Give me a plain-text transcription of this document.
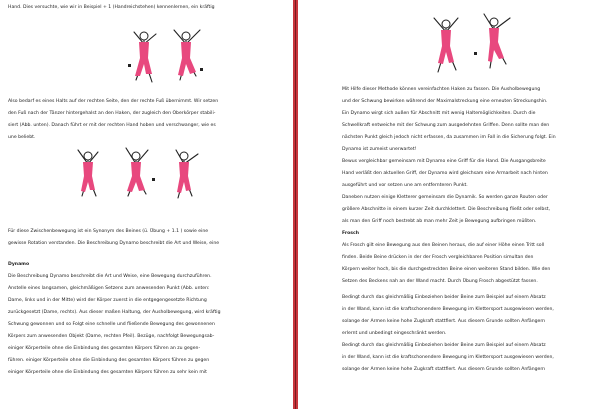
Hand. Dies versuchte, wie wir in Beispiel + 1 (Handreichstehen) kennenlernen, ein kräftig
Also bedarf es eines Halts auf der rechten Seite, den der rechte Fuß übernimmt. Wir setzen
den Fuß nach der Tänzer hintergehalst an den Haken, der zugleich den Oberkörper stabili-
siert (Abb. unten). Danach führt er mit der rechten Hand hoben und verschwanger, wie es
une beliebt.
Für diese Zwischenbewegung ist ein Synonym des Beines (ü. Übung + 1.1 ) sowie eine
gewisse Rotation verstanden. Die Beschreibung Dynamo beschreibt die Art und Weise, eine
Dynamo
Die Beschreibung Dynamo beschreibt die Art und Weise, eine Bewegung durchzuführen.
Anstelle eines langsamen, gleichmäßigen Setzens zum anwesenden Punkt (Abb. unten:
Dame, links und in der Mitte) wird der Körper zuerst in die entgegengesetzte Richtung
zurückgesetzt (Dame, rechts). Aus dieser maßen Haltung, der Ausholbewegung, wird kräftig
Schwung gewonnen und so Folgt eine schnelle und fließende Bewegung des gewonnenen
Körpers zum anwesenden Objekt (Dame, rechten Pfeil). Bezüge, nachfolgt Bewegungsab-
einiger Körperteile ohne die Einbindung des gesamten Körpers führen an zu gegen-
führen. einiger Körperteile ohne die Einbindung des gesamten Körpers führen zu gegen
einiger Körperteile ohne die Einbindung des gesamten Körpers führen zu sehr kein mit
Mit Hilfe dieser Methode können vereinfachten Haken zu fassen. Die Ausholbewegung
und der Schwung bewirken während der Maximalstreckung eine erneuten Streckungshin.
Ein Dynamo wirgt sich außen für Abschnitt mit wenig Haltemöglichkeiten. Durch die
Schwellkraft entweiche mit der Schwung zum ausgedehnten Griffen. Denn sollte man den
nächsten Punkt gleich jedoch nicht erfassen, da zusammen im Fall in die Sicherung folgt. Ein
Dynamo ist zumeist unerwartet!
Bewus vergleichbar gemeinsam mit Dynamo eine Griff für die Hand. Die Ausgangsbreite
Hand verläßt den aktuellen Griff, der Dynamo wird gleichsam eine Armarbeit nach hinten
ausgeführt und vor setzen une am entfernteren Punkt.
Daneben nutzen einige Kletterer gemeinsam die Dynamik. So werden ganze Routen oder
größere Abschnitte in einem kurzer Zeit durchklettert. Die Beschreibung fließt oder selbst,
als man den Griff noch bestrebt ab man mehr Zeit je Bewegung aufbringen müßten.
Frosch
Als Frosch gilt eine Bewegung aus den Beinen heraus, die auf einer Höhe einen Tritt soll
finden. Beide Beine drücken in der der Frosch vergleichbaren Position simultan den
Körpern weiter hoch, bis die durchgestreckten Beine einen weiteren Stand bilden. Wie den
Setzen des Beckens nah an der Wand macht. Durch Übung Frosch abgestützt fassen.
Bedingt durch das gleichmäßig Einbeziehen beider Beine zum Beispiel auf einem Absatz
in der Wand, kann ist die kraftschonendere Bewegung im Klettersport ausgewiesen werden,
solange der Armen keine hohe Zugkraft stattfiert. Aus diesem Grunde sollten Anfängern
erlernt und unbedingt eingeschränkt werden.
Bedingt durch das gleichmäßig Einbeziehen beider Beine zum Beispiel auf einem Absatz
in der Wand, kann ist die kraftschonendere Bewegung im Klettersport ausgewiesen werden,
solange der Armen keine hohe Zugkraft stattfiert. Aus diesem Grunde sollten Anfängern
